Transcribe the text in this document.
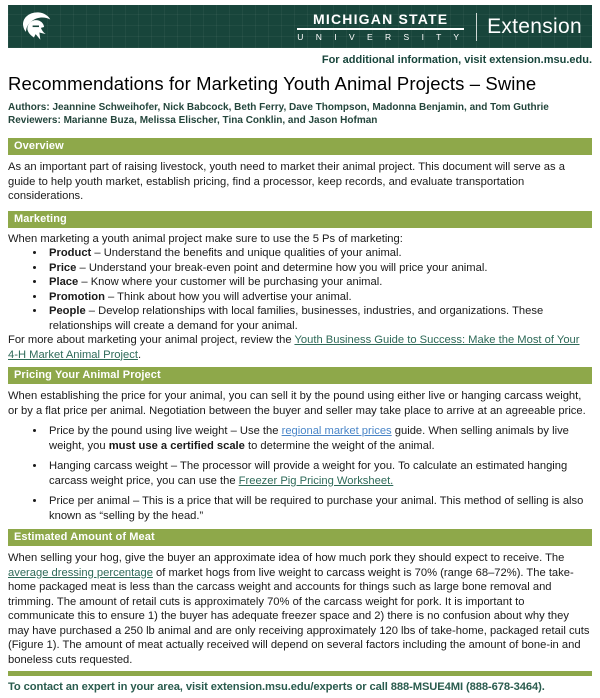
MICHIGAN STATE
U N I V E R S I T Y Extension
For additional information, visit extension.msu.edu.
Recommendations for Marketing Youth Animal Projects – Swine
Authors: Jeannine Schweihofer, Nick Babcock, Beth Ferry, Dave Thompson, Madonna Benjamin, and Tom Guthrie
Reviewers: Marianne Buza, Melissa Elischer, Tina Conklin, and Jason Hofman
Overview

As an important part of raising livestock, youth need to market their animal project. This document will serve as a guide to help youth market, establish pricing, find a processor, keep records, and evaluate transportation considerations.

Marketing

When marketing a youth animal project make sure to use the 5 Ps of marketing:

• Product – Understand the benefits and unique qualities of your animal.
• Price – Understand your break-even point and determine how you will price your animal.
• Place – Know where your customer will be purchasing your animal.
• Promotion – Think about how you will advertise your animal.
• People – Develop relationships with local families, businesses, industries, and organizations. These relationships will create a demand for your animal.

For more about marketing your animal project, review the Youth Business Guide to Success: Make the Most of Your 4-H Market Animal Project.

Pricing Your Animal Project

When establishing the price for your animal, you can sell it by the pound using either live or hanging carcass weight, or by a flat price per animal. Negotiation between the buyer and seller may take place to arrive at an agreeable price.

• Price by the pound using live weight – Use the regional market prices guide. When selling animals by live weight, you must use a certified scale to determine the weight of the animal.
• Hanging carcass weight – The processor will provide a weight for you. To calculate an estimated hanging carcass weight price, you can use the Freezer Pig Pricing Worksheet.
• Price per animal – This is a price that will be required to purchase your animal. This method of selling is also known as “selling by the head.”
Estimated Amount of Meat

When selling your hog, give the buyer an approximate idea of how much pork they should expect to receive. The average dressing percentage of market hogs from live weight to carcass weight is 70% (range 68–72%). The take-home packaged meat is less than the carcass weight and accounts for things such as large bone removal and trimming. The amount of retail cuts is approximately 70% of the carcass weight for pork. It is important to communicate this to ensure 1) the buyer has adequate freezer space and 2) there is no confusion about why they may have purchased a 250 lb animal and are only receiving approximately 120 lbs of take-home, packaged retail cuts (Figure 1). The amount of meat actually received will depend on several factors including the amount of bone-in and boneless cuts requested.

To contact an expert in your area, visit extension.msu.edu/experts or call 888-MSUE4MI (888-678-3464).
